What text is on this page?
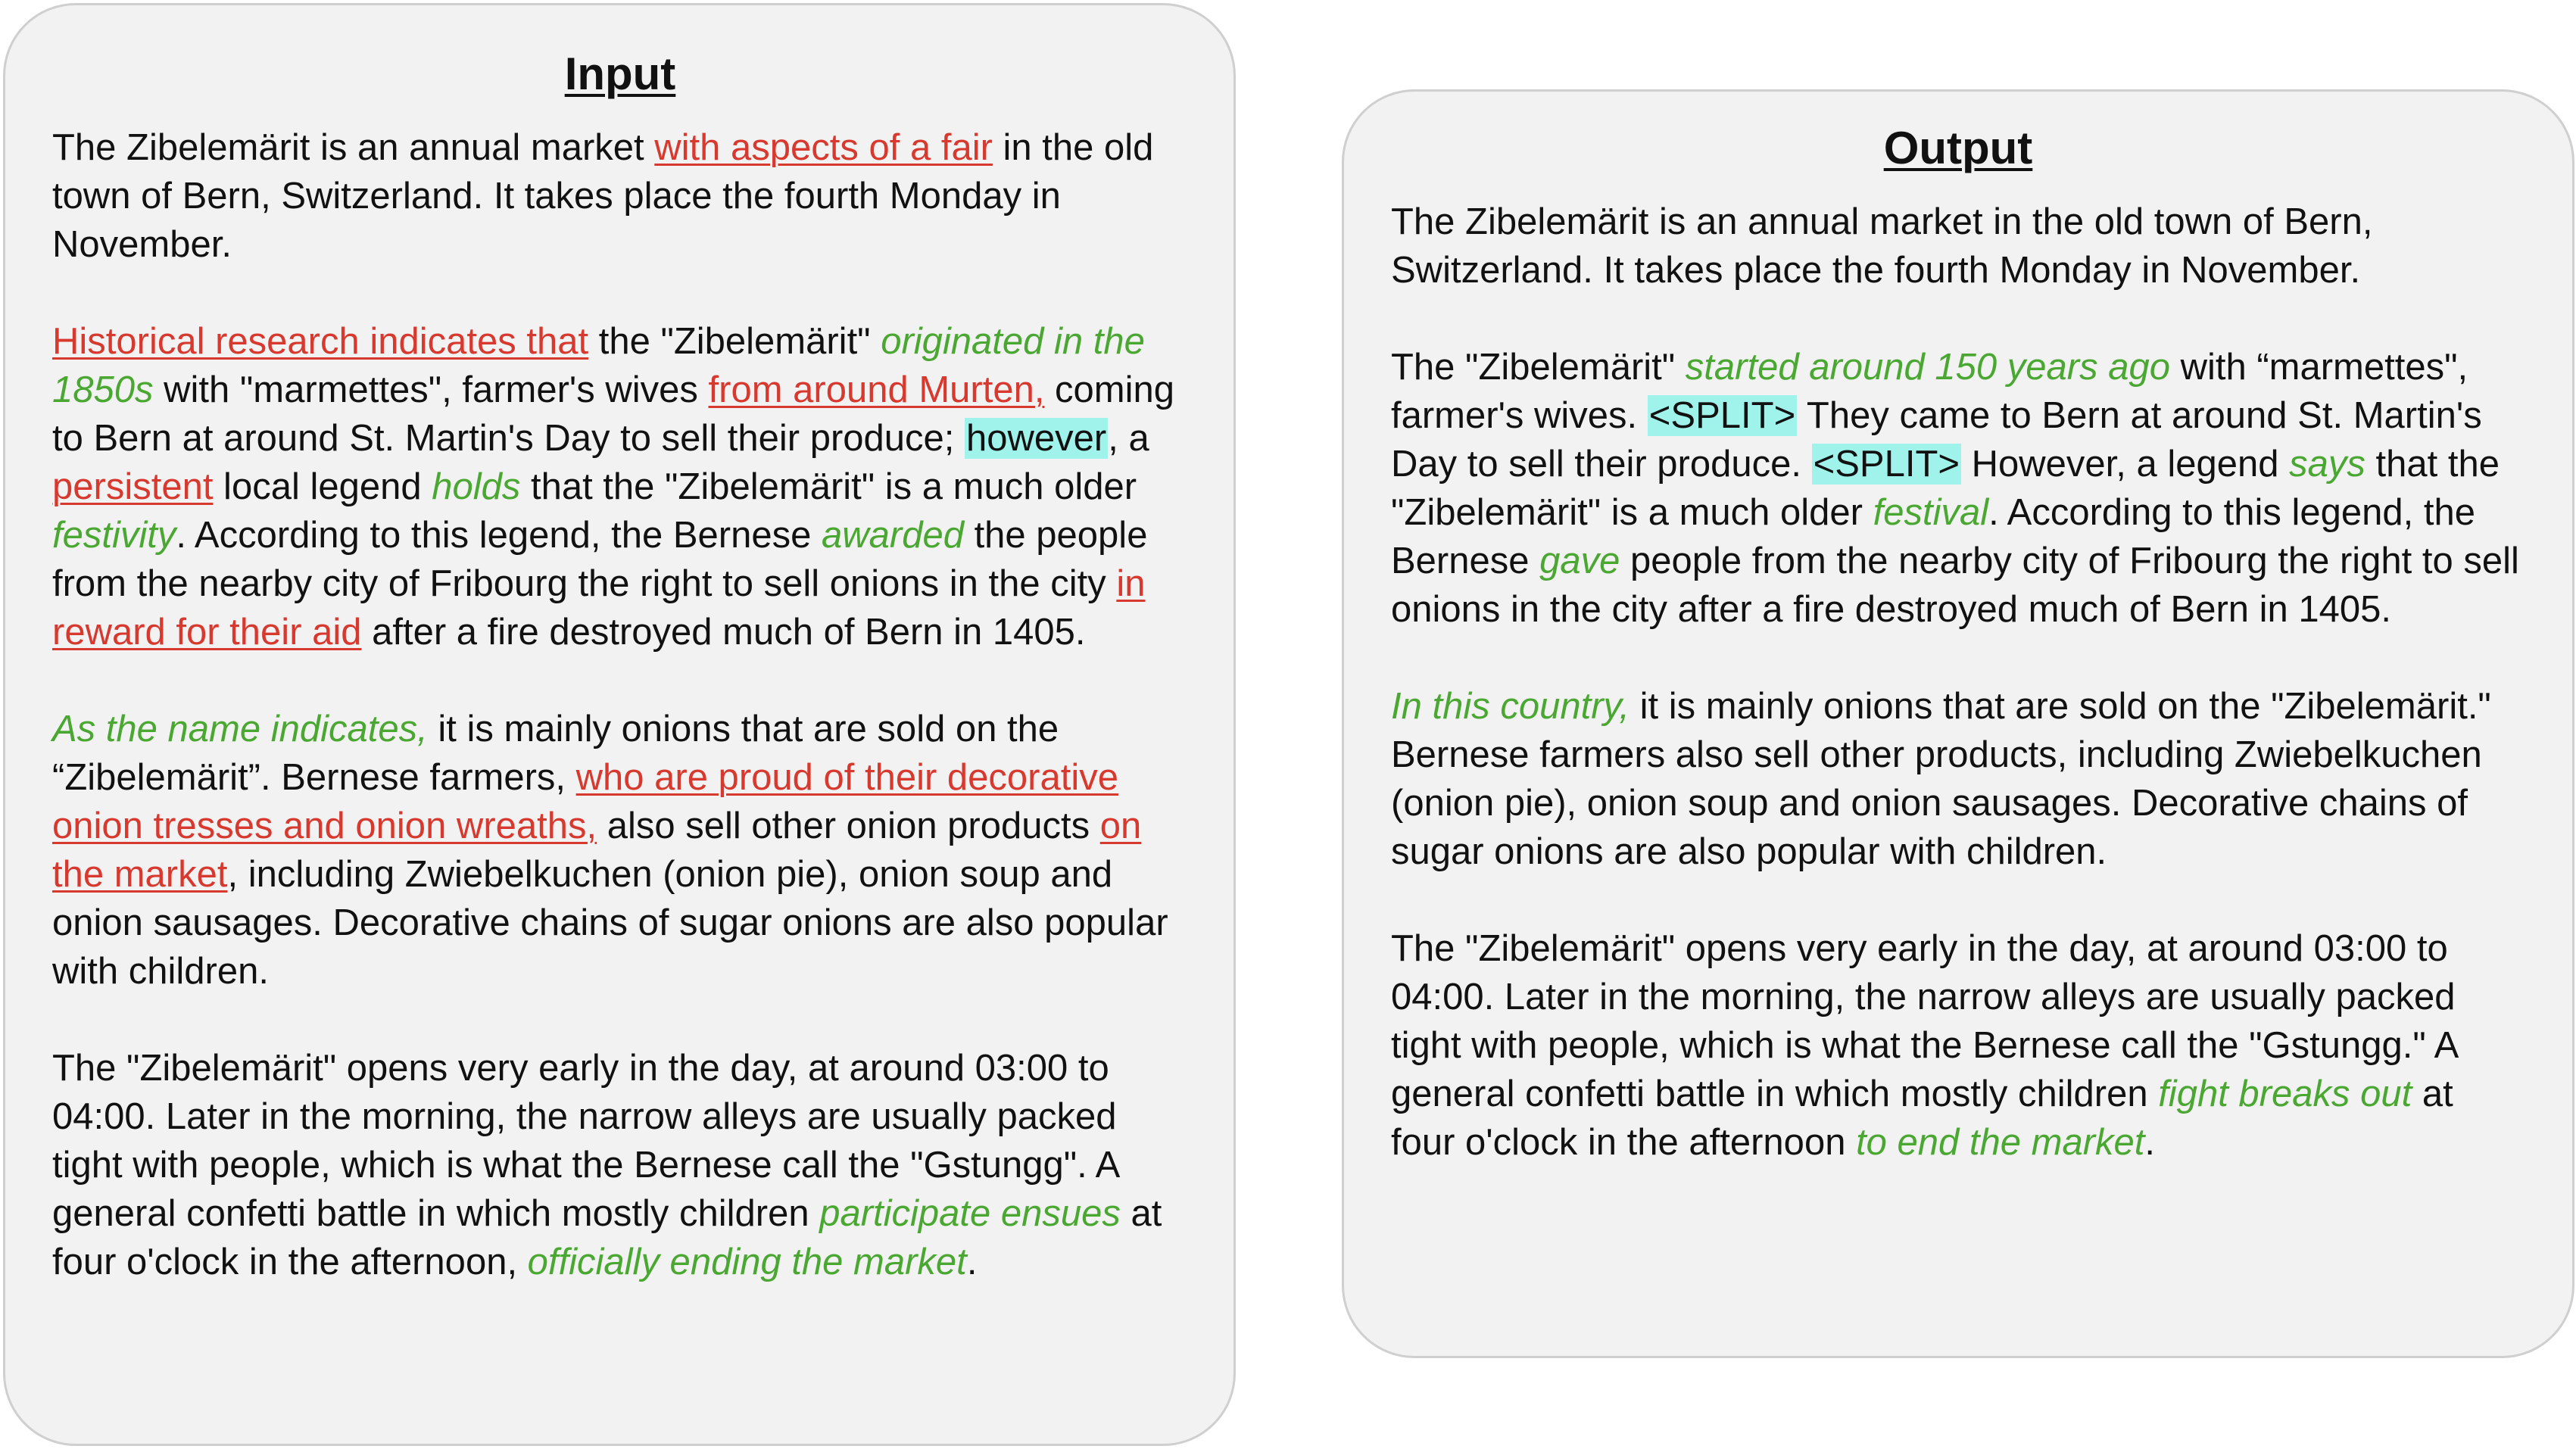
Input

The Zibelemärit is an annual market with aspects of a fair in the old town of Bern, Switzerland. It takes place the fourth Monday in November.

Historical research indicates that the "Zibelemärit" originated in the 1850s with "marmettes", farmer's wives from around Murten, coming to Bern at around St. Martin's Day to sell their produce; however, a persistent local legend holds that the "Zibelemärit" is a much older festivity. According to this legend, the Bernese awarded the people from the nearby city of Fribourg the right to sell onions in the city in reward for their aid after a fire destroyed much of Bern in 1405.

As the name indicates, it is mainly onions that are sold on the “Zibelemärit”. Bernese farmers, who are proud of their decorative onion tresses and onion wreaths, also sell other onion products on the market, including Zwiebelkuchen (onion pie), onion soup and onion sausages. Decorative chains of sugar onions are also popular with children.

The "Zibelemärit" opens very early in the day, at around 03:00 to 04:00. Later in the morning, the narrow alleys are usually packed tight with people, which is what the Bernese call the "Gstungg". A general confetti battle in which mostly children participate ensues at four o'clock in the afternoon, officially ending the market.

Output

The Zibelemärit is an annual market in the old town of Bern, Switzerland. It takes place the fourth Monday in November.

The "Zibelemärit" started around 150 years ago with “marmettes", farmer's wives. <SPLIT> They came to Bern at around St. Martin's Day to sell their produce. <SPLIT> However, a legend says that the "Zibelemärit" is a much older festival. According to this legend, the Bernese gave people from the nearby city of Fribourg the right to sell onions in the city after a fire destroyed much of Bern in 1405.

In this country, it is mainly onions that are sold on the "Zibelemärit." Bernese farmers also sell other products, including Zwiebelkuchen (onion pie), onion soup and onion sausages. Decorative chains of sugar onions are also popular with children.

The "Zibelemärit" opens very early in the day, at around 03:00 to 04:00. Later in the morning, the narrow alleys are usually packed tight with people, which is what the Bernese call the "Gstungg." A general confetti battle in which mostly children fight breaks out at four o'clock in the afternoon to end the market.
